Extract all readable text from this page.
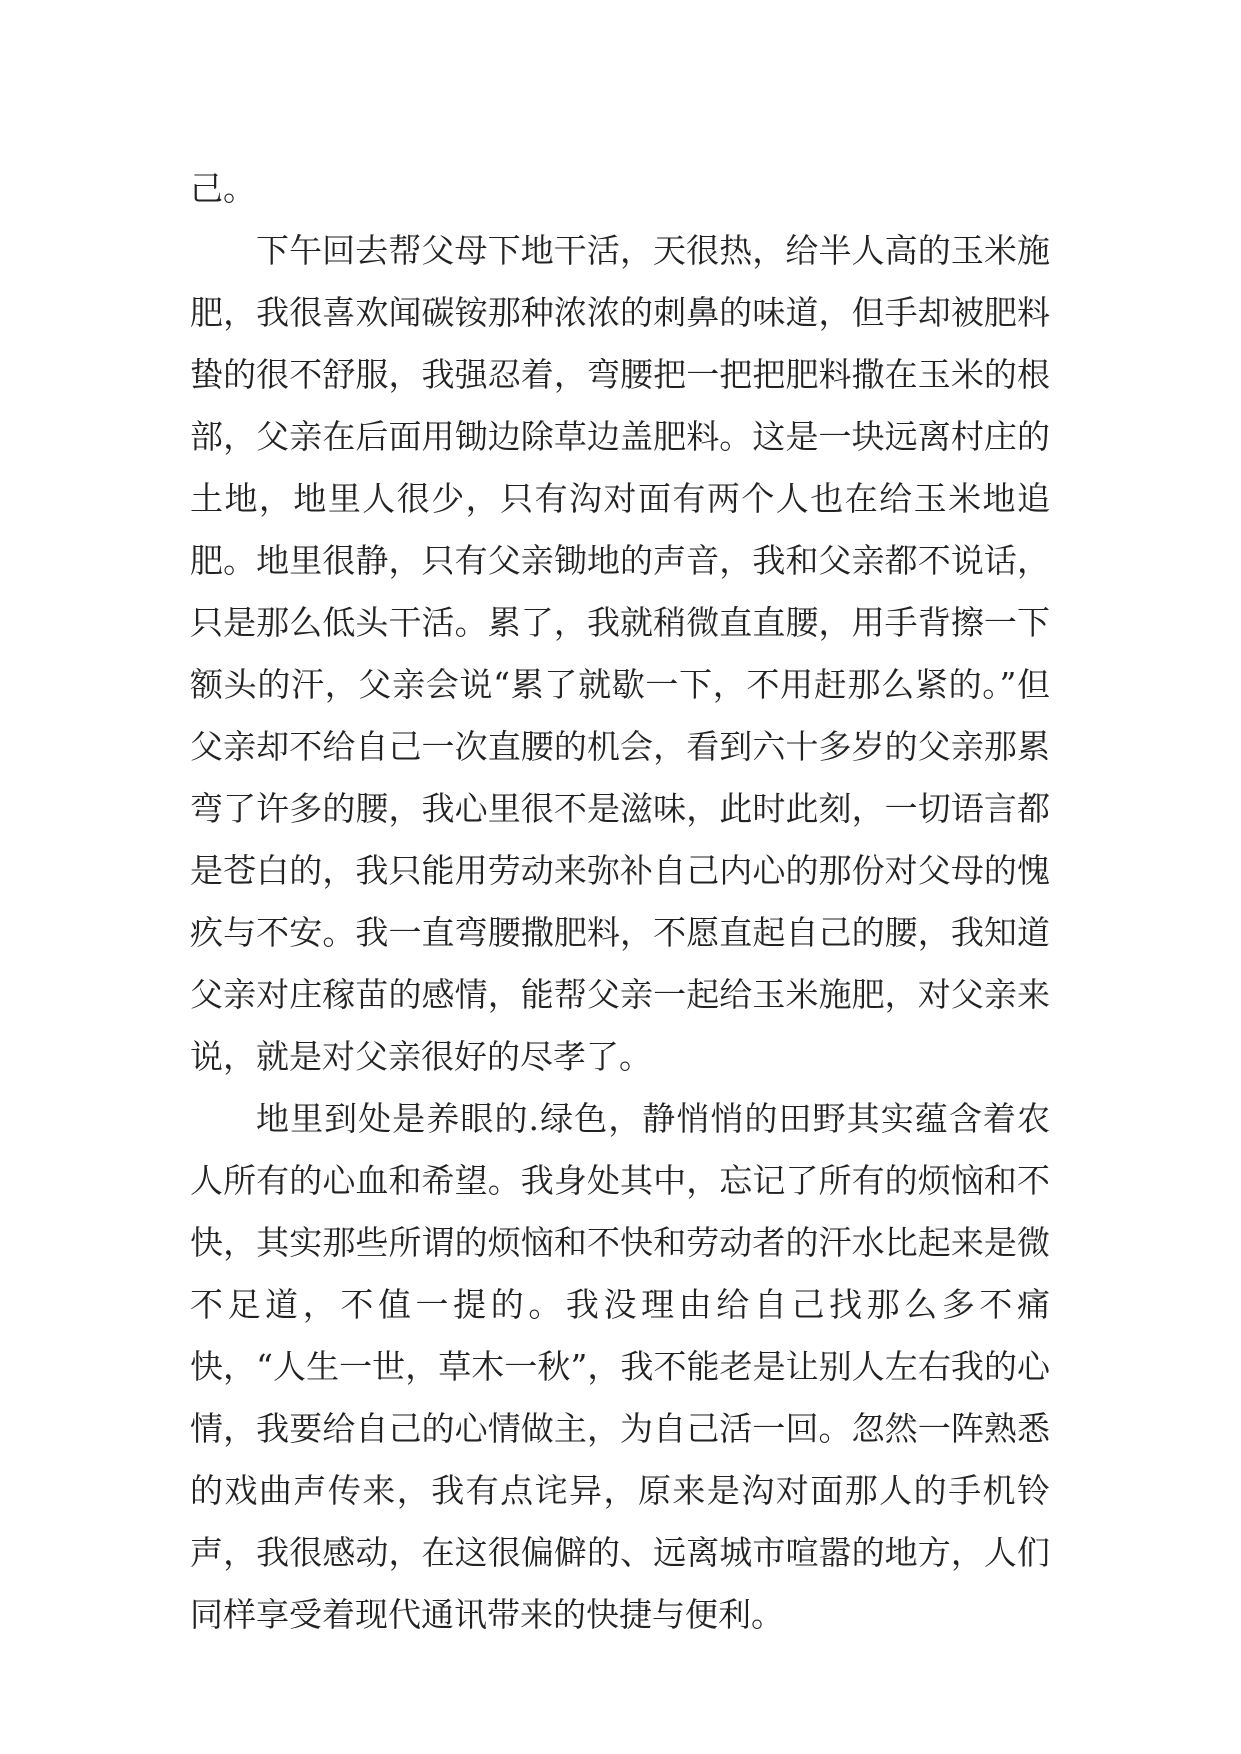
己。

下午回去帮父母下地干活，天很热，给半人高的玉米施肥，我很喜欢闻碳铵那种浓浓的刺鼻的味道，但手却被肥料蛰的很不舒服，我强忍着，弯腰把一把把肥料撒在玉米的根部，父亲在后面用锄边除草边盖肥料。这是一块远离村庄的土地，地里人很少，只有沟对面有两个人也在给玉米地追肥。地里很静，只有父亲锄地的声音，我和父亲都不说话，只是那么低头干活。累了，我就稍微直直腰，用手背擦一下额头的汗，父亲会说“累了就歇一下，不用赶那么紧的。”但父亲却不给自己一次直腰的机会，看到六十多岁的父亲那累弯了许多的腰，我心里很不是滋味，此时此刻，一切语言都是苍白的，我只能用劳动来弥补自己内心的那份对父母的愧疚与不安。我一直弯腰撒肥料，不愿直起自己的腰，我知道父亲对庄稼苗的感情，能帮父亲一起给玉米施肥，对父亲来说，就是对父亲很好的尽孝了。

地里到处是养眼的.绿色，静悄悄的田野其实蕴含着农人所有的心血和希望。我身处其中，忘记了所有的烦恼和不快，其实那些所谓的烦恼和不快和劳动者的汗水比起来是微不足道，不值一提的。我没理由给自己找那么多不痛快，“人生一世，草木一秋”，我不能老是让别人左右我的心情，我要给自己的心情做主，为自己活一回。忽然一阵熟悉的戏曲声传来，我有点诧异，原来是沟对面那人的手机铃声，我很感动，在这很偏僻的、远离城市喧嚣的地方，人们同样享受着现代通讯带来的快捷与便利。
